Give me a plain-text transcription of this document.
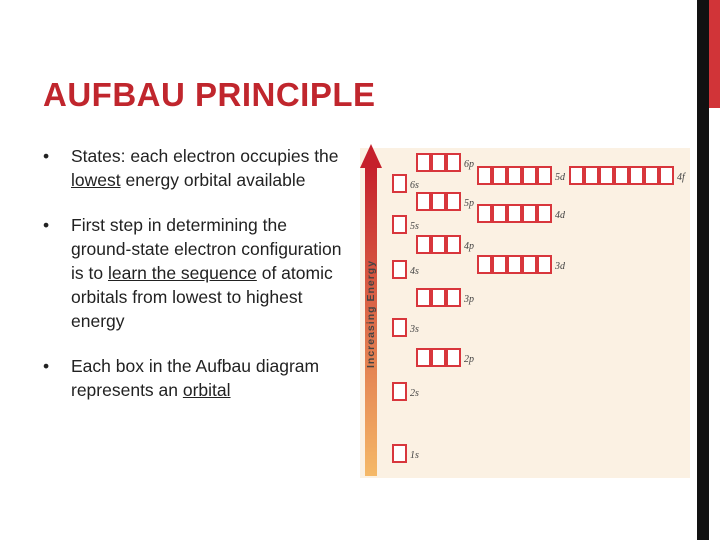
AUFBAU PRINCIPLE
• States: each electron occupies the lowest energy orbital available
• First step in determining the ground-state electron configuration is to learn the sequence of atomic orbitals from lowest to highest energy
• Each box in the Aufbau diagram represents an orbital
Increasing Energy
1s
2s
2p
3s
3p
4s	3d
4p
5s
4d
5p
6s
4f
5d
6p
